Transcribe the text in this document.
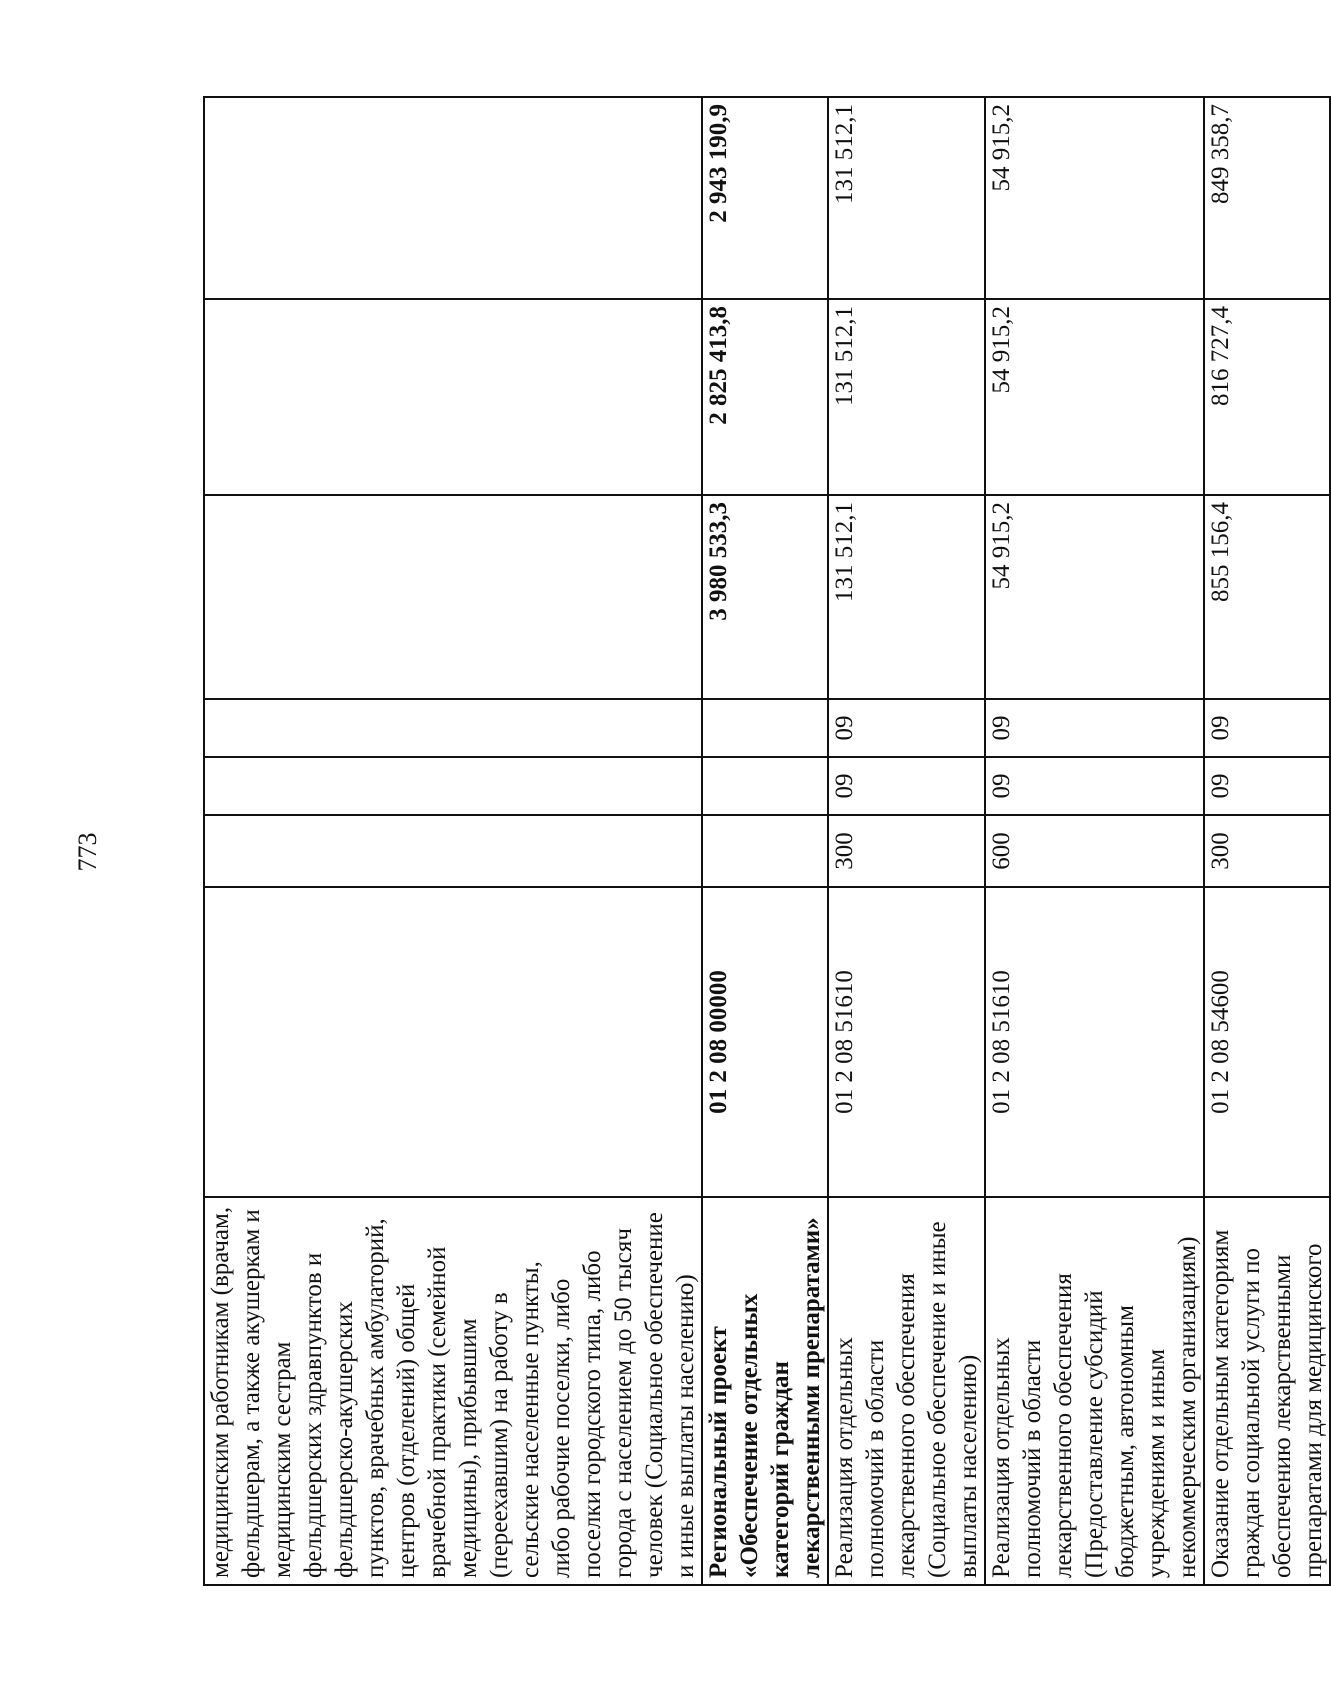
773
медицинским работникам (врачам, фельдшерам, а также акушеркам и медицинским сестрам фельдшерских здравпунктов и фельдшерско-акушерских пунктов, врачебных амбулаторий, центров (отделений) общей врачебной практики (семейной медицины), прибывшим (переехавшим) на работу в сельские населенные пункты, либо рабочие поселки, либо поселки городского типа, либо города с населением до 50 тысяч человек (Социальное обеспечение и иные выплаты населению)							
Региональный проект «Обеспечение отдельных категорий граждан лекарственными препаратами»	01 2 08 00000				3 980 533,3	2 825 413,8	2 943 190,9
Реализация отдельных полномочий в области лекарственного обеспечения (Социальное обеспечение и иные выплаты населению)	01 2 08 51610	300	09	09	131 512,1	131 512,1	131 512,1
Реализация отдельных полномочий в области лекарственного обеспечения (Предоставление субсидий бюджетным, автономным учреждениям и иным некоммерческим организациям)	01 2 08 51610	600	09	09	54 915,2	54 915,2	54 915,2
Оказание отдельным категориям граждан социальной услуги по обеспечению лекарственными препаратами для медицинского	01 2 08 54600	300	09	09	855 156,4	816 727,4	849 358,7
